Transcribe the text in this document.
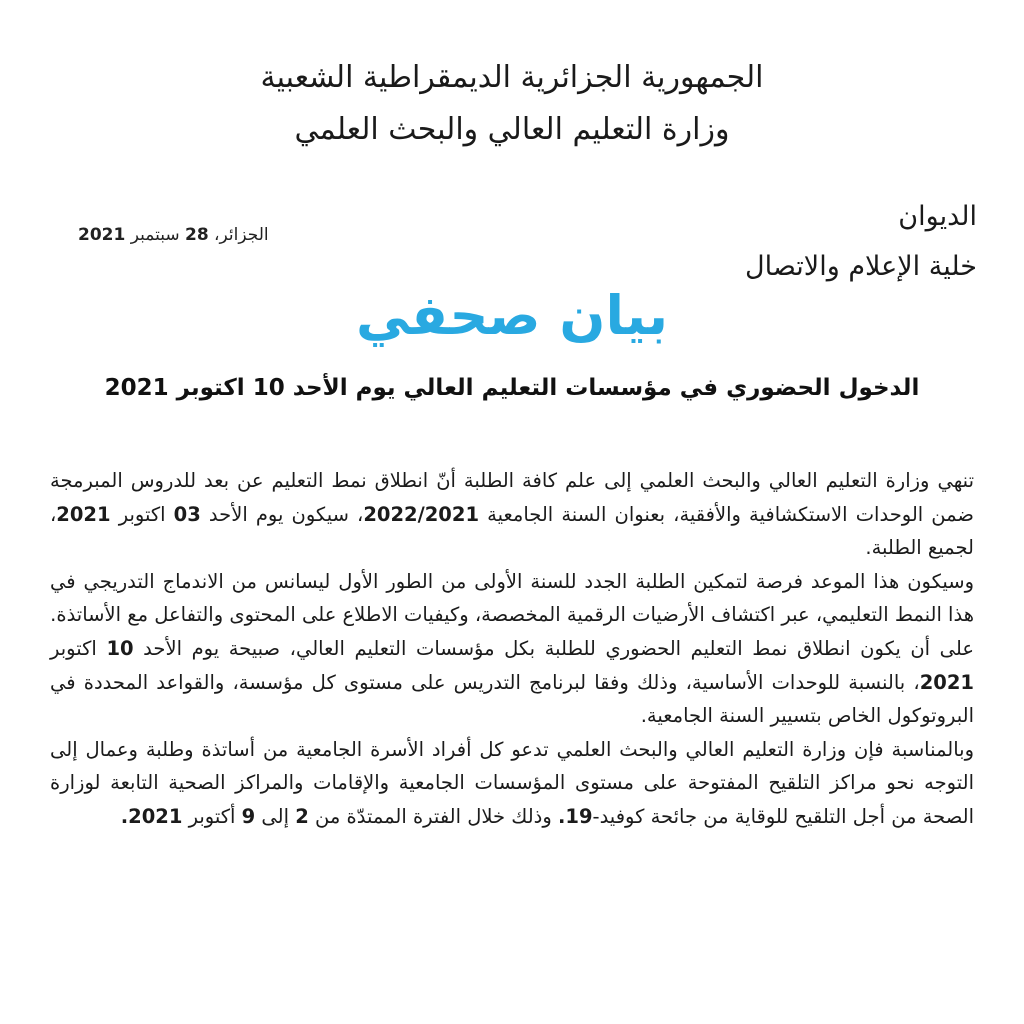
الجمهورية الجزائرية الديمقراطية الشعبية
وزارة التعليم العالي والبحث العلمي
الديوان
خلية الإعلام والاتصال
الجزائر، 28 سبتمبر 2021
بيان صحفي
الدخول الحضوري في مؤسسات التعليم العالي يوم الأحد 10 اكتوبر 2021

تنهي وزارة التعليم العالي والبحث العلمي إلى علم كافة الطلبة أنّ انطلاق نمط التعليم عن بعد للدروس المبرمجة ضمن الوحدات الاستكشافية والأفقية، بعنوان السنة الجامعية 2022/2021، سيكون يوم الأحد 03 اكتوبر 2021، لجميع الطلبة.

وسيكون هذا الموعد فرصة لتمكين الطلبة الجدد للسنة الأولى من الطور الأول ليسانس من الاندماج التدريجي في هذا النمط التعليمي، عبر اكتشاف الأرضيات الرقمية المخصصة، وكيفيات الاطلاع على المحتوى والتفاعل مع الأساتذة.

على أن يكون انطلاق نمط التعليم الحضوري للطلبة بكل مؤسسات التعليم العالي، صبيحة يوم الأحد 10 اكتوبر 2021، بالنسبة للوحدات الأساسية، وذلك وفقا لبرنامج التدريس على مستوى كل مؤسسة، والقواعد المحددة في البروتوكول الخاص بتسيير السنة الجامعية.

وبالمناسبة فإن وزارة التعليم العالي والبحث العلمي تدعو كل أفراد الأسرة الجامعية من أساتذة وطلبة وعمال إلى التوجه نحو مراكز التلقيح المفتوحة على مستوى المؤسسات الجامعية والإقامات والمراكز الصحية التابعة لوزارة الصحة من أجل التلقيح للوقاية من جائحة كوفيد-19. وذلك خلال الفترة الممتدّة من 2 إلى 9 أكتوبر 2021.
